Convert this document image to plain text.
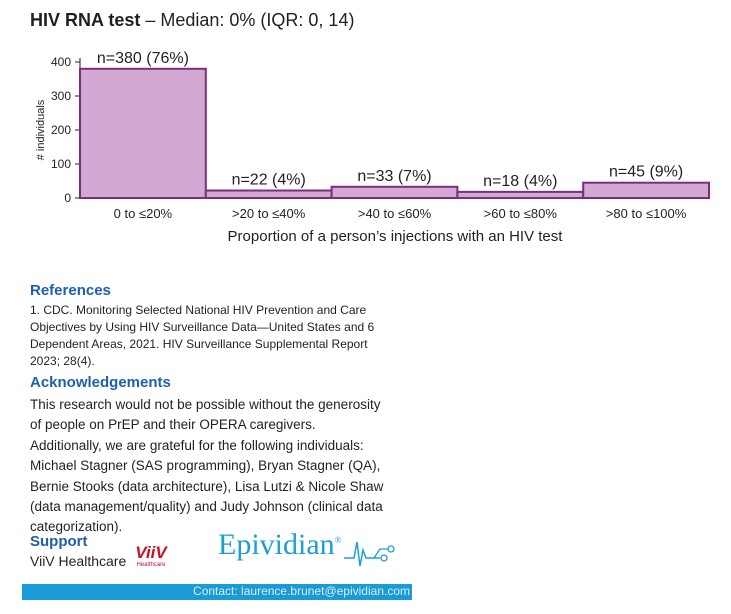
HIV RNA test – Median: 0% (IQR: 0, 14)
0
100
200
300
400 n=380 (76%)
n=22 (4%)	n=33 (7%)	n=18 (4%)
n=45 (9%)
0 to ≤20%	>20 to ≤40%	>40 to ≤60%	>60 to ≤80%	>80 to ≤100%
# individuals
Proportion of a person’s injections with an HIV test
References
1. CDC. Monitoring Selected National HIV Prevention and Care Objectives by Using HIV Surveillance Data—United States and 6 Dependent Areas, 2021. HIV Surveillance Supplemental Report 2023; 28(4).
Acknowledgements
This research would not be possible without the generosity of people on PrEP and their OPERA caregivers. Additionally, we are grateful for the following individuals: Michael Stagner (SAS programming), Bryan Stagner (QA), Bernie Stooks (data architecture), Lisa Lutzi & Nicole Shaw (data management/quality) and Judy Johnson (clinical data categorization).
Support
ViiV Healthcare ViiV
Healthcare
Epividian®
Contact: laurence.brunet@epividian.com
